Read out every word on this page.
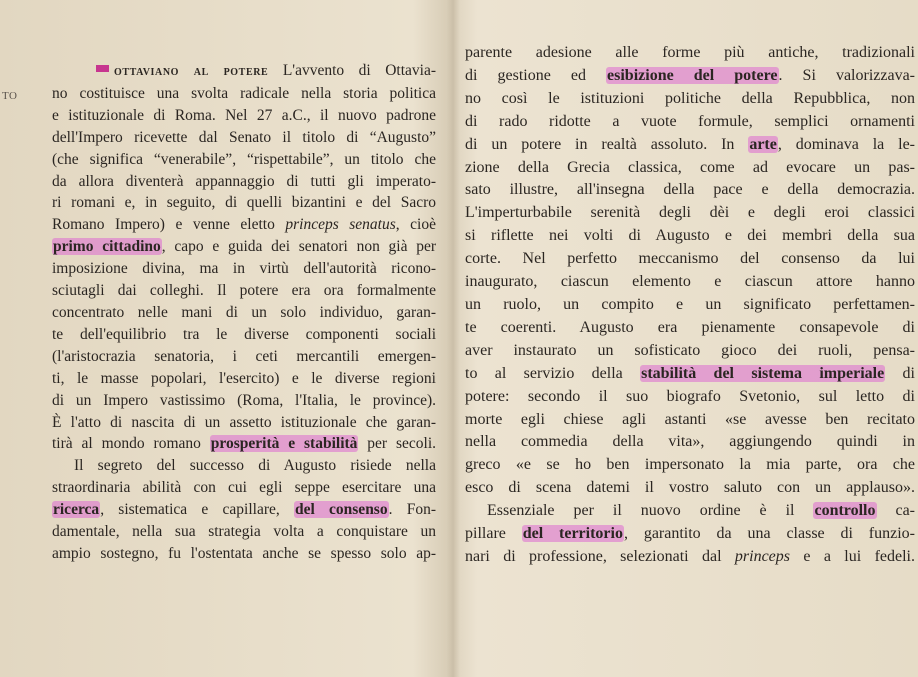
TO
ottaviano al potere L'avvento di Ottavia-
no costituisce una svolta radicale nella storia politica
e istituzionale di Roma. Nel 27 a.C., il nuovo padrone
dell'Impero ricevette dal Senato il titolo di “Augusto”
(che significa “venerabile”, “rispettabile”, un titolo che
da allora diventerà appannaggio di tutti gli imperato-
ri romani e, in seguito, di quelli bizantini e del Sacro
Romano Impero) e venne eletto princeps senatus, cioè
primo cittadino, capo e guida dei senatori non già per
imposizione divina, ma in virtù dell'autorità ricono-
sciutagli dai colleghi. Il potere era ora formalmente
concentrato nelle mani di un solo individuo, garan-
te dell'equilibrio tra le diverse componenti sociali
(l'aristocrazia senatoria, i ceti mercantili emergen-
ti, le masse popolari, l'esercito) e le diverse regioni
di un Impero vastissimo (Roma, l'Italia, le province).
È l'atto di nascita di un assetto istituzionale che garan-
tirà al mondo romano prosperità e stabilità per secoli.
Il segreto del successo di Augusto risiede nella
straordinaria abilità con cui egli seppe esercitare una
ricerca, sistematica e capillare, del consenso. Fon-
damentale, nella sua strategia volta a conquistare un
ampio sostegno, fu l'ostentata anche se spesso solo ap-
parente adesione alle forme più antiche, tradizionali
di gestione ed esibizione del potere. Si valorizzava-
no così le istituzioni politiche della Repubblica, non
di rado ridotte a vuote formule, semplici ornamenti
di un potere in realtà assoluto. In arte, dominava la le-
zione della Grecia classica, come ad evocare un pas-
sato illustre, all'insegna della pace e della democrazia.
L'imperturbabile serenità degli dèi e degli eroi classici
si riflette nei volti di Augusto e dei membri della sua
corte. Nel perfetto meccanismo del consenso da lui
inaugurato, ciascun elemento e ciascun attore hanno
un ruolo, un compito e un significato perfettamen-
te coerenti. Augusto era pienamente consapevole di
aver instaurato un sofisticato gioco dei ruoli, pensa-
to al servizio della stabilità del sistema imperiale di
potere: secondo il suo biografo Svetonio, sul letto di
morte egli chiese agli astanti «se avesse ben recitato
nella commedia della vita», aggiungendo quindi in
greco «e se ho ben impersonato la mia parte, ora che
esco di scena datemi il vostro saluto con un applauso».
Essenziale per il nuovo ordine è il controllo ca-
pillare del territorio, garantito da una classe di funzio-
nari di professione, selezionati dal princeps e a lui fedeli.
